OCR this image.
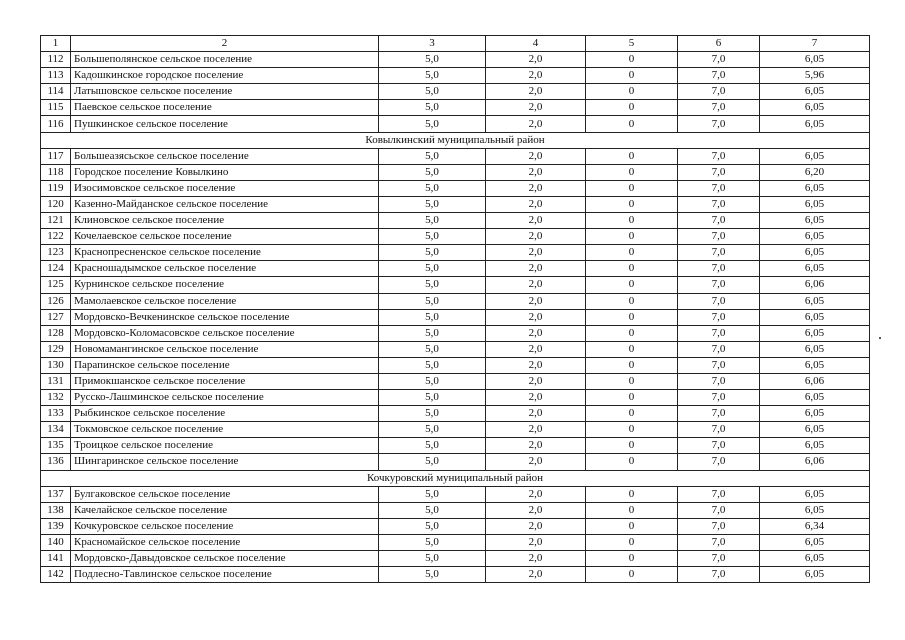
1	2	3	4	5	6	7
112	Большеполянское сельское поселение	5,0	2,0	0	7,0	6,05
113	Кадошкинское городское поселение	5,0	2,0	0	7,0	5,96
114	Латышовское сельское поселение	5,0	2,0	0	7,0	6,05
115	Паевское сельское поселение	5,0	2,0	0	7,0	6,05
116	Пушкинское сельское поселение	5,0	2,0	0	7,0	6,05
Ковылкинский муниципальный район						
117	Большеазясьское сельское поселение	5,0	2,0	0	7,0	6,05
118	Городское поселение Ковылкино	5,0	2,0	0	7,0	6,20
119	Изосимовское сельское поселение	5,0	2,0	0	7,0	6,05
120	Казенно-Майданское сельское поселение	5,0	2,0	0	7,0	6,05
121	Клиновское сельское поселение	5,0	2,0	0	7,0	6,05
122	Кочелаевское сельское поселение	5,0	2,0	0	7,0	6,05
123	Краснопресненское сельское поселение	5,0	2,0	0	7,0	6,05
124	Красношадымское сельское поселение	5,0	2,0	0	7,0	6,05
125	Курнинское сельское поселение	5,0	2,0	0	7,0	6,06
126	Мамолаевское сельское поселение	5,0	2,0	0	7,0	6,05
127	Мордовско-Вечкенинское сельское поселение	5,0	2,0	0	7,0	6,05
128	Мордовско-Коломасовское сельское поселение	5,0	2,0	0	7,0	6,05
129	Новомамангинское сельское поселение	5,0	2,0	0	7,0	6,05
130	Парапинское сельское поселение	5,0	2,0	0	7,0	6,05
131	Примокшанское сельское поселение	5,0	2,0	0	7,0	6,06
132	Русско-Лашминское сельское поселение	5,0	2,0	0	7,0	6,05
133	Рыбкинское сельское поселение	5,0	2,0	0	7,0	6,05
134	Токмовское сельское поселение	5,0	2,0	0	7,0	6,05
135	Троицкое сельское поселение	5,0	2,0	0	7,0	6,05
136	Шингаринское сельское поселение	5,0	2,0	0	7,0	6,06
Кочкуровский муниципальный район						
137	Булгаковское сельское поселение	5,0	2,0	0	7,0	6,05
138	Качелайское сельское поселение	5,0	2,0	0	7,0	6,05
139	Кочкуровское сельское поселение	5,0	2,0	0	7,0	6,34
140	Красномайское сельское поселение	5,0	2,0	0	7,0	6,05
141	Мордовско-Давыдовское сельское поселение	5,0	2,0	0	7,0	6,05
142	Подлесно-Тавлинское сельское поселение	5,0	2,0	0	7,0	6,05
